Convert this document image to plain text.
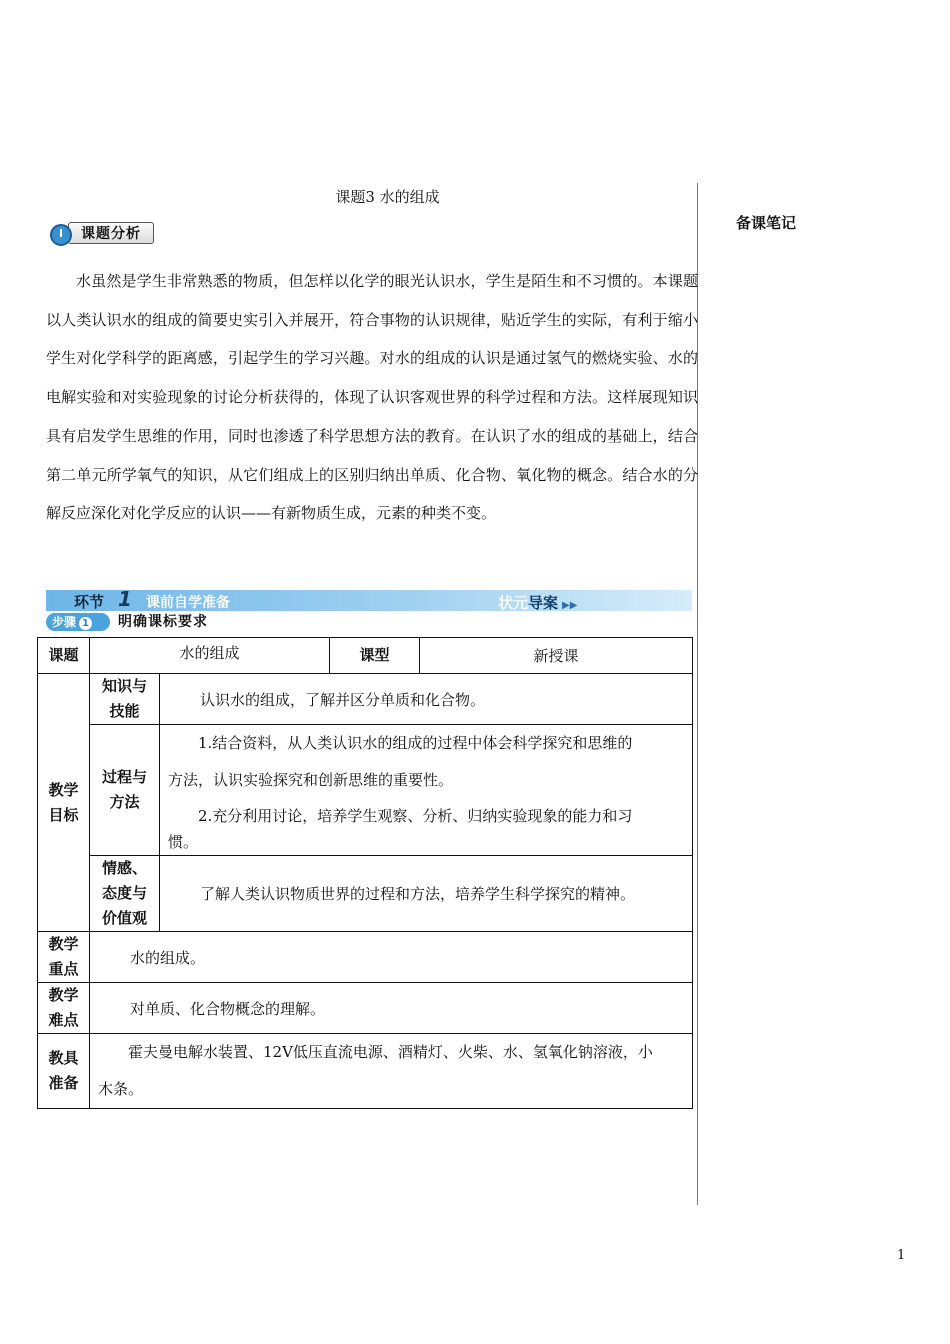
备课笔记
课题3 水的组成
课题分析

水虽然是学生非常熟悉的物质，但怎样以化学的眼光认识水，学生是陌生和不习惯的。本课题以人类认识水的组成的简要史实引入并展开，符合事物的认识规律，贴近学生的实际，有利于缩小学生对化学科学的距离感，引起学生的学习兴趣。对水的组成的认识是通过氢气的燃烧实验、水的电解实验和对实验现象的讨论分析获得的，体现了认识客观世界的科学过程和方法。这样展现知识具有启发学生思维的作用，同时也渗透了科学思想方法的教育。在认识了水的组成的基础上，结合第二单元所学氧气的知识，从它们组成上的区别归纳出单质、化合物、氧化物的概念。结合水的分解反应深化对化学反应的认识——有新物质生成，元素的种类不变。

环节 1 课前自学准备	状元导案 ▶▶
步骤 1	明确课标要求
课题	水的组成		课型	新授课
教学目标	知识与技能	认识水的组成，了解并区分单质和化合物。		
	过程与方法	1.结合资料，从人类认识水的组成的过程中体会科学探究和思维的

方法，认识实验探究和创新思维的重要性。

2.充分利用讨论，培养学生观察、分析、归纳实验现象的能力和习

惯。		

	情感、态度与价值观	了解人类认识物质世界的过程和方法，培养学生科学探究的精神。		
教学重点	水的组成。			
教学难点	对单质、化合物概念的理解。			
教具准备	霍夫曼电解水装置、12V低压直流电源、酒精灯、火柴、水、氢氧化钠溶液，小

木条。			

1
